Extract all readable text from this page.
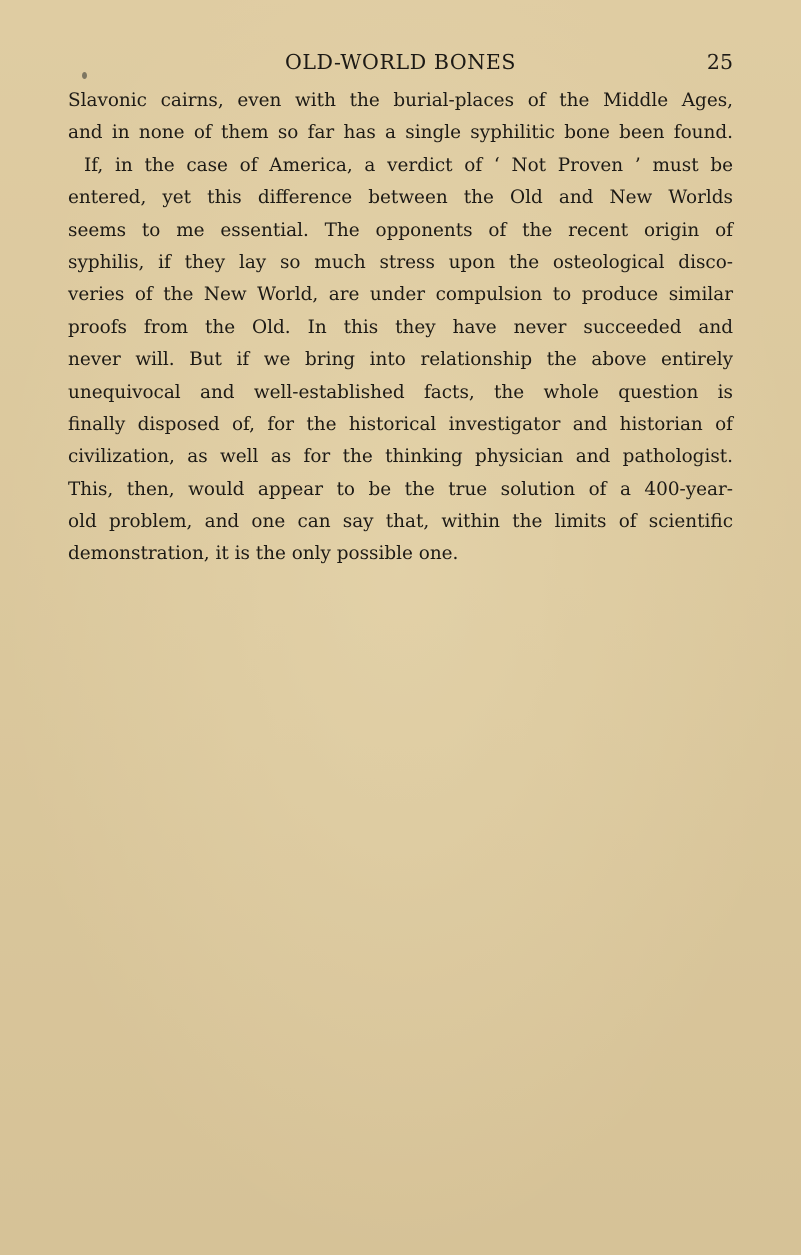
OLD-WORLD BONES	25
Slavonic cairns, even with the burial-places of the Middle Ages,
and in none of them so far has a single syphilitic bone been found.
If, in the case of America, a verdict of ‘ Not Proven ’ must be
entered, yet this difference between the Old and New Worlds
seems to me essential. The opponents of the recent origin of
syphilis, if they lay so much stress upon the osteological disco-
veries of the New World, are under compulsion to produce similar
proofs from the Old. In this they have never succeeded and
never will. But if we bring into relationship the above entirely
unequivocal and well-established facts, the whole question is
finally disposed of, for the historical investigator and historian of
civilization, as well as for the thinking physician and pathologist.
This, then, would appear to be the true solution of a 400-year-
old problem, and one can say that, within the limits of scientific
demonstration, it is the only possible one.
